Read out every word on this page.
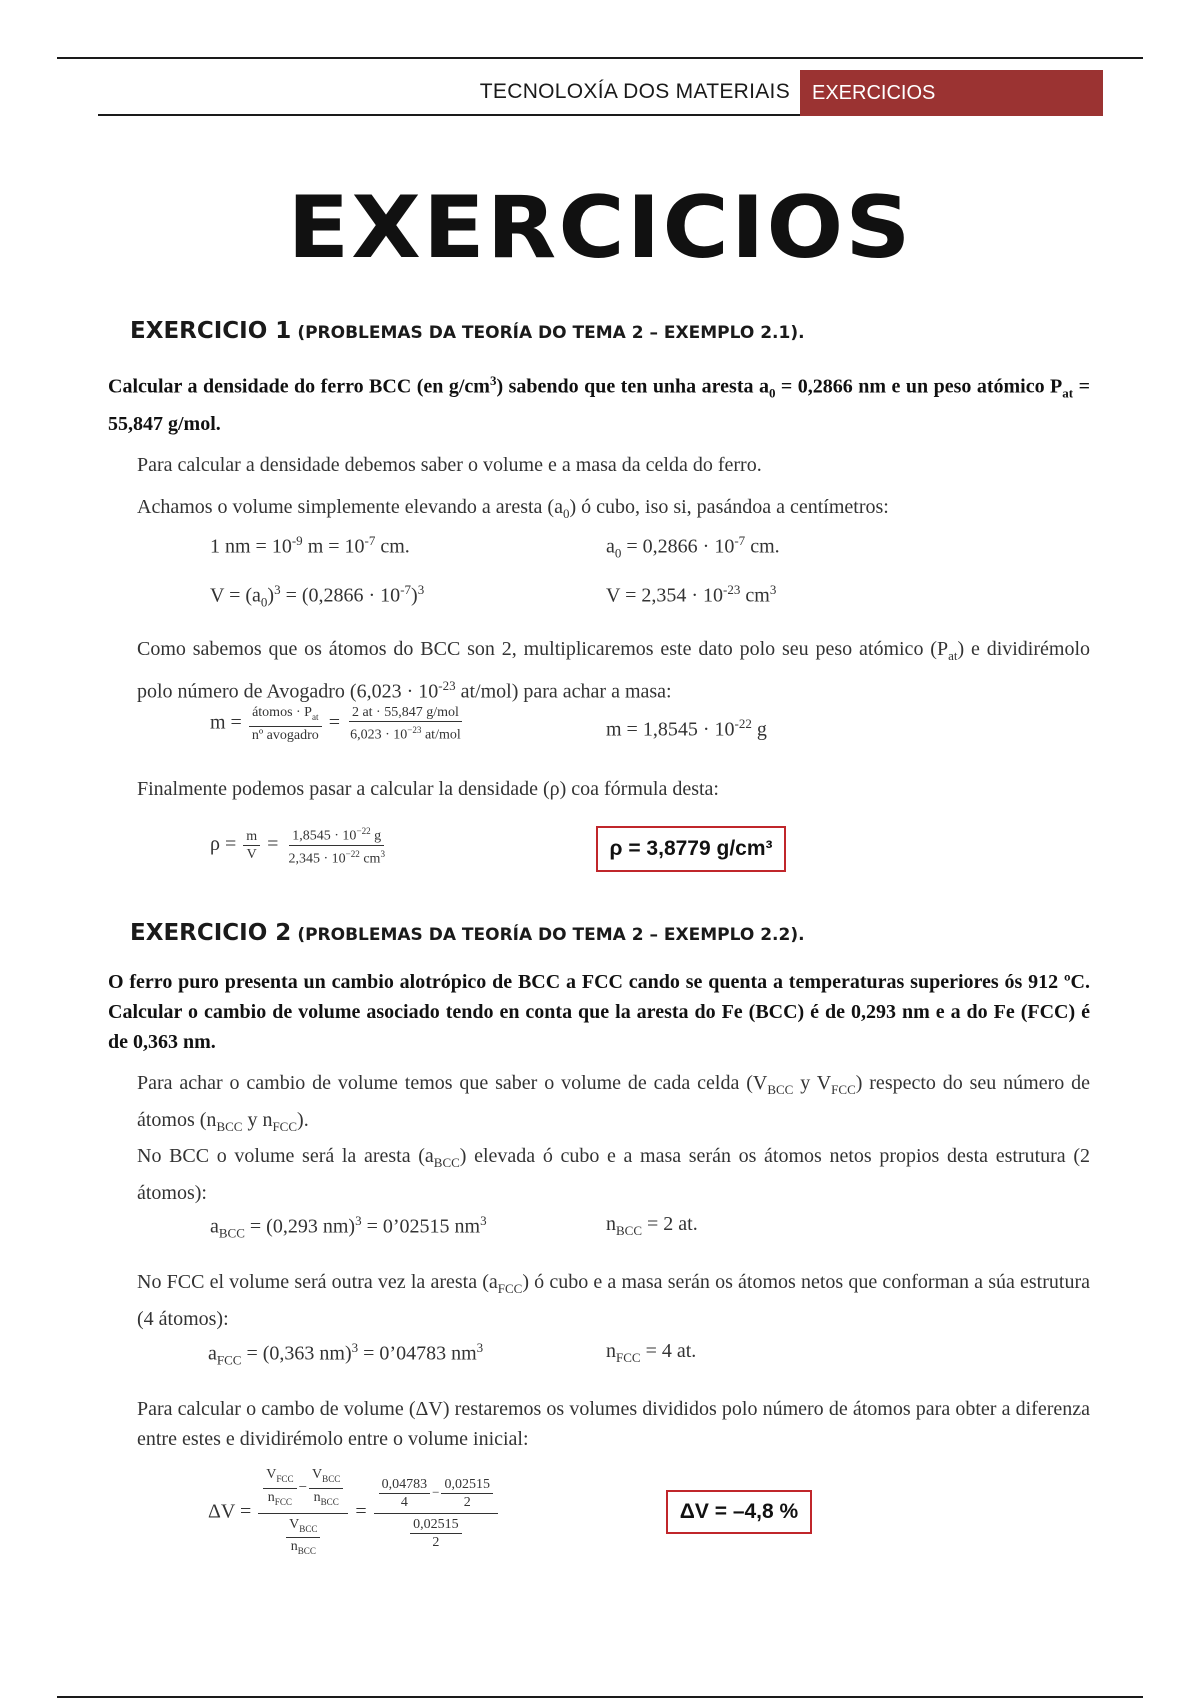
TECNOLOXÍA DOS MATERIAIS	EXERCICIOS
EXERCICIOS
EXERCICIO 1 (PROBLEMAS DA TEORÍA DO TEMA 2 – EXEMPLO 2.1).
Calcular a densidade do ferro BCC (en $g/cm^3$) sabendo que ten unha aresta $a_0 = 0,2866$ nm e un peso atómico $P_{at} = 55,847$ g/mol.
Para calcular a densidade debemos saber o volume e a masa da celda do ferro.
Achamos o volume simplemente elevando a aresta $(a_0)$ ó cubo, iso si, pasándoa a centímetros:
1 nm = $10^{-9}$ $m = 10^{-7}$ cm.	$a_0 = 0,2866 \cdot 10^{-7}$ cm.
$V = (a_0)^3 = (0,2866 \cdot 10^{-7})^3$	$V = 2,354 \cdot 10^{-23}$ $cm^3$
Como sabemos que os átomos do BCC son 2, multiplicaremos este dato polo seu peso atómico $(P_{at})$ e dividirémolo polo número de Avogadro ($6,023 \cdot 10^{-23}$ at/mol) para achar a masa:
$m = \frac{átomos \cdot P_{at}}{\text{nº avogadro}} = \frac{\text{2 at · 55,847 g/mol}}{6,023 \cdot 10^{-23} at/mol}$	$m = 1,8545 \cdot 10^{-22}$ g
Finalmente podemos pasar a calcular la densidade (ρ) coa fórmula desta:
$\rho = \frac{m}{V} = \frac{1,8545 \cdot 10^{-22} g}{2,345 \cdot 10^{-22} cm^3}$	ρ = 3,8779 g/cm³
EXERCICIO 2 (PROBLEMAS DA TEORÍA DO TEMA 2 – EXEMPLO 2.2).
O ferro puro presenta un cambio alotrópico de BCC a FCC cando se quenta a temperaturas superiores ós 912 ºC. Calcular o cambio de volume asociado tendo en conta que la aresta do Fe (BCC) é de 0,293 nm e a do Fe (FCC) é de 0,363 nm.
Para achar o cambio de volume temos que saber o volume de cada celda ($V_{BCC}$ y $V_{FCC}$) respecto do seu número de átomos ($n_{BCC}$ y $n_{FCC}$).
No BCC o volume será la aresta $(a_{BCC})$ elevada ó cubo e a masa serán os átomos netos propios desta estrutura (2 átomos):
$a_{BCC} = (0,293$ nm)$^3$ = 0’02515 $nm^3$	$n_{BCC} = 2$ at.
No FCC el volume será outra vez la aresta $(a_{FCC})$ ó cubo e a masa serán os átomos netos que conforman a súa estrutura (4 átomos):
$a_{FCC} = (0,363$ nm)$^3$ = 0’04783 $nm^3$	$n_{FCC} = 4$ at.
Para calcular o cambo de volume (ΔV) restaremos os volumes divididos polo número de átomos para obter a diferenza entre estes e dividirémolo entre o volume inicial:
$\Delta V = \frac{\frac{V_{FCC}}{n_{FCC}} - \frac{V_{BCC}}{n_{BCC}}}{\frac{V_{BCC}}{n_{BCC}}} = \frac{\frac{0,04783}{4} - \frac{0,02515}{2}}{\frac{0,02515}{2}}$	ΔV = –4,8 %
